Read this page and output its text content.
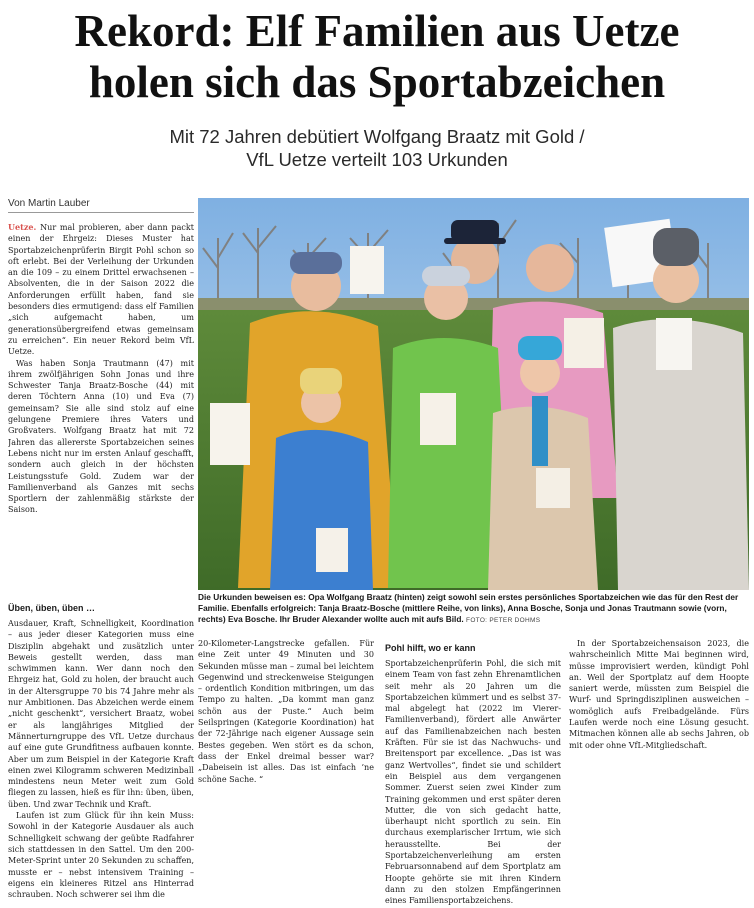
Rekord: Elf Familien aus Uetze
holen sich das Sportabzeichen
Mit 72 Jahren debütiert Wolfgang Braatz mit Gold /
VfL Uetze verteilt 103 Urkunden
Von Martin Lauber

Uetze. Nur mal probieren, aber dann packt einen der Ehrgeiz: Dieses Muster hat Sportabzeichenprüferin Birgit Pohl schon so oft erlebt. Bei der Verleihung der Urkunden an die 109 – zu einem Drittel erwachsenen – Absolventen, die in der Saison 2022 die Anforderungen erfüllt haben, fand sie besonders dies ermutigend: dass elf Familien „sich aufgemacht haben, um generationsübergreifend etwas gemeinsam zu erreichen“. Ein neuer Rekord beim VfL Uetze.

Was haben Sonja Trautmann (47) mit ihrem zwölfjährigen Sohn Jonas und ihre Schwester Tanja Braatz-Bosche (44) mit deren Töchtern Anna (10) und Eva (7) gemeinsam? Sie alle sind stolz auf eine gelungene Premiere ihres Vaters und Großvaters. Wolfgang Braatz hat mit 72 Jahren das allererste Sportabzeichen seines Lebens nicht nur im ersten Anlauf geschafft, sondern auch gleich in der höchsten Leistungsstufe Gold. Zudem war der Familienverband als Ganzes mit sechs Sportlern der zahlenmäßig stärkste der Saison.

Üben, üben, üben …

Ausdauer, Kraft, Schnelligkeit, Koordination – aus jeder dieser Kategorien muss eine Disziplin abgehakt und zusätzlich unter Beweis gestellt werden, dass man schwimmen kann. Wer dann noch den Ehrgeiz hat, Gold zu holen, der braucht auch in der Altersgruppe 70 bis 74 Jahre mehr als nur Ambitionen. Das Abzeichen werde einem „nicht geschenkt“, versichert Braatz, wobei er als langjähriges Mitglied der Männerturngruppe des VfL Uetze durchaus auf eine gute Grundfitness aufbauen konnte. Aber um zum Beispiel in der Kategorie Kraft einen zwei Kilogramm schweren Medizinball mindestens neun Meter weit zum Gold fliegen zu lassen, hieß es für ihn: üben, üben, üben. Und zwar Technik und Kraft.

Laufen ist zum Glück für ihn kein Muss: Sowohl in der Kategorie Ausdauer als auch Schnelligkeit schwang der geübte Radfahrer sich stattdessen in den Sattel. Um den 200-Meter-Sprint unter 20 Sekunden zu schaffen, musste er – nebst intensivem Training – eigens ein kleineres Ritzel ans Hinterrad schrauben. Noch schwerer sei ihm die

20-Kilometer-Langstrecke gefallen. Für eine Zeit unter 49 Minuten und 30 Sekunden müsse man – zumal bei leichtem Gegenwind und streckenweise Steigungen – ordentlich Kondition mitbringen, um das Tempo zu halten. „Da kommt man ganz schön aus der Puste.“ Auch beim Seilspringen (Kategorie Koordination) hat der 72-Jährige nach eigener Aussage sein Bestes gegeben. Wen stört es da schon, dass der Enkel dreimal besser war? „Dabeisein ist alles. Das ist einfach ’ne schöne Sache. “

Pohl hilft, wo er kann

Sportabzeichenprüferin Pohl, die sich mit einem Team von fast zehn Ehrenamtlichen seit mehr als 20 Jahren um die Sportabzeichen kümmert und es selbst 37-mal abgelegt hat (2022 im Vierer-Familienverband), fördert alle Anwärter auf das Familienabzeichen nach besten Kräften. Für sie ist das Nachwuchs- und Breitensport par excellence. „Das ist was ganz Wertvolles“, findet sie und schildert ein Beispiel aus dem vergangenen Sommer. Zuerst seien zwei Kinder zum Training gekommen und erst später deren Mutter, die von sich gedacht hatte, überhaupt nicht sportlich zu sein. Ein durchaus exemplarischer Irrtum, wie sich herausstellte. Bei der Sportabzeichenverleihung am ersten Februarsonnabend auf dem Sportplatz am Hoopte gehörte sie mit ihren Kindern dann zu den stolzen Empfängerinnen eines Familiensportabzeichens.

In der Sportabzeichensaison 2023, die wahrscheinlich Mitte Mai beginnen wird, müsse improvisiert werden, kündigt Pohl an. Weil der Sportplatz auf dem Hoopte saniert werde, müssten zum Beispiel die Wurf- und Springdisziplinen ausweichen – womöglich aufs Freibadgelände. Fürs Laufen werde noch eine Lösung gesucht. Mitmachen können alle ab sechs Jahren, ob mit oder ohne VfL-Mitgliedschaft.

Die Urkunden beweisen es: Opa Wolfgang Braatz (hinten) zeigt sowohl sein erstes persönliches Sportabzeichen wie das für den Rest der Familie. Ebenfalls erfolgreich: Tanja Braatz-Bosche (mittlere Reihe, von links), Anna Bosche, Sonja und Jonas Trautmann sowie (vorn, rechts) Eva Bosche. Ihr Bruder Alexander wollte auch mit aufs Bild. FOTO: PETER DOHMS
